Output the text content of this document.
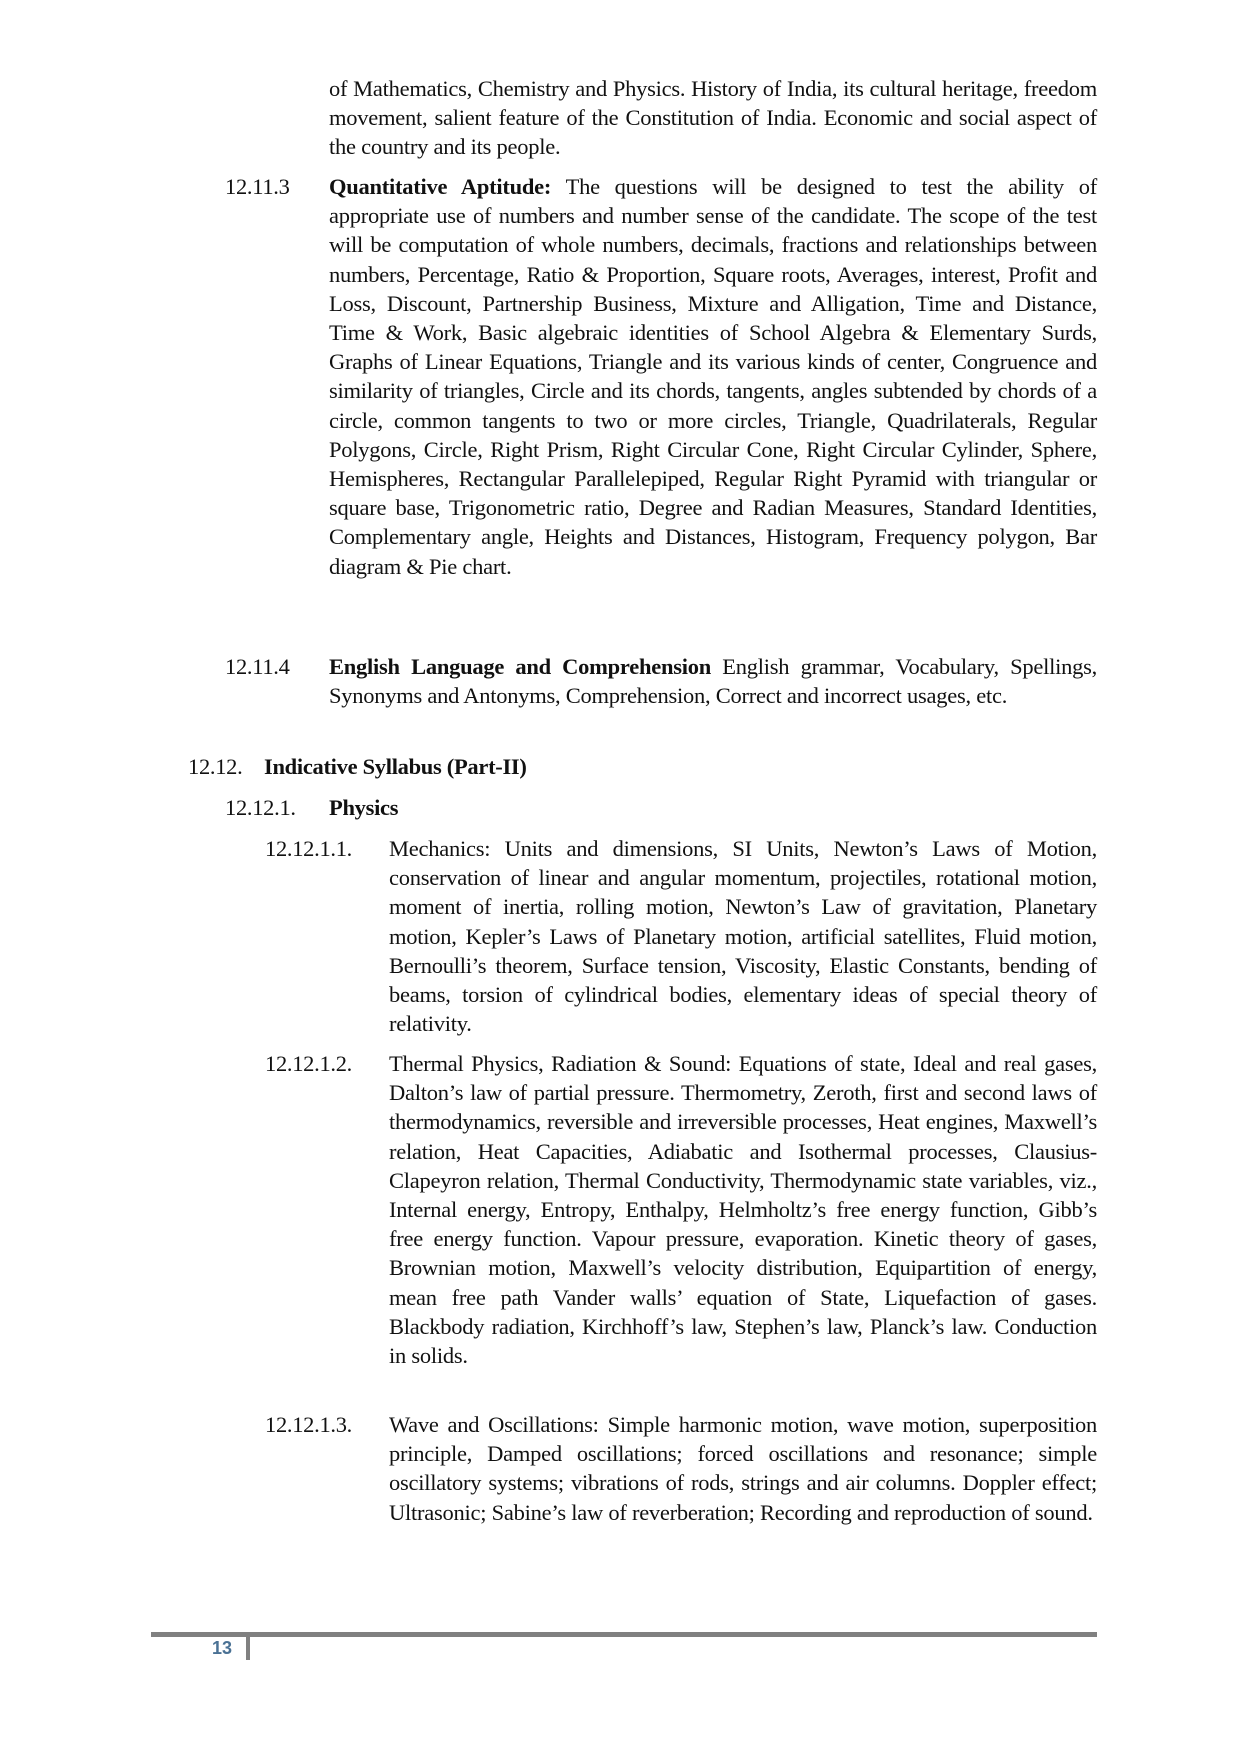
of Mathematics, Chemistry and Physics. History of India, its cultural heritage, freedom movement, salient feature of the Constitution of India. Economic and social aspect of the country and its people.
12.11.3 Quantitative Aptitude: The questions will be designed to test the ability of appropriate use of numbers and number sense of the candidate. The scope of the test will be computation of whole numbers, decimals, fractions and relationships between numbers, Percentage, Ratio & Proportion, Square roots, Averages, interest, Profit and Loss, Discount, Partnership Business, Mixture and Alligation, Time and Distance, Time & Work, Basic algebraic identities of School Algebra & Elementary Surds, Graphs of Linear Equations, Triangle and its various kinds of center, Congruence and similarity of triangles, Circle and its chords, tangents, angles subtended by chords of a circle, common tangents to two or more circles, Triangle, Quadrilaterals, Regular Polygons, Circle, Right Prism, Right Circular Cone, Right Circular Cylinder, Sphere, Hemispheres, Rectangular Parallelepiped, Regular Right Pyramid with triangular or square base, Trigonometric ratio, Degree and Radian Measures, Standard Identities, Complementary angle, Heights and Distances, Histogram, Frequency polygon, Bar diagram & Pie chart.
12.11.4 English Language and Comprehension English grammar, Vocabulary, Spellings, Synonyms and Antonyms, Comprehension, Correct and incorrect usages, etc.
12.12. Indicative Syllabus (Part-II)
12.12.1. Physics
12.12.1.1. Mechanics: Units and dimensions, SI Units, Newton’s Laws of Motion, conservation of linear and angular momentum, projectiles, rotational motion, moment of inertia, rolling motion, Newton’s Law of gravitation, Planetary motion, Kepler’s Laws of Planetary motion, artificial satellites, Fluid motion, Bernoulli’s theorem, Surface tension, Viscosity, Elastic Constants, bending of beams, torsion of cylindrical bodies, elementary ideas of special theory of relativity.
12.12.1.2. Thermal Physics, Radiation & Sound: Equations of state, Ideal and real gases, Dalton’s law of partial pressure. Thermometry, Zeroth, first and second laws of thermodynamics, reversible and irreversible processes, Heat engines, Maxwell’s relation, Heat Capacities, Adiabatic and Isothermal processes, Clausius-Clapeyron relation, Thermal Conductivity, Thermodynamic state variables, viz., Internal energy, Entropy, Enthalpy, Helmholtz’s free energy function, Gibb’s free energy function. Vapour pressure, evaporation. Kinetic theory of gases, Brownian motion, Maxwell’s velocity distribution, Equipartition of energy, mean free path Vander walls’ equation of State, Liquefaction of gases. Blackbody radiation, Kirchhoff’s law, Stephen’s law, Planck’s law. Conduction in solids.
12.12.1.3. Wave and Oscillations: Simple harmonic motion, wave motion, superposition principle, Damped oscillations; forced oscillations and resonance; simple oscillatory systems; vibrations of rods, strings and air columns. Doppler effect; Ultrasonic; Sabine’s law of reverberation; Recording and reproduction of sound.
13
